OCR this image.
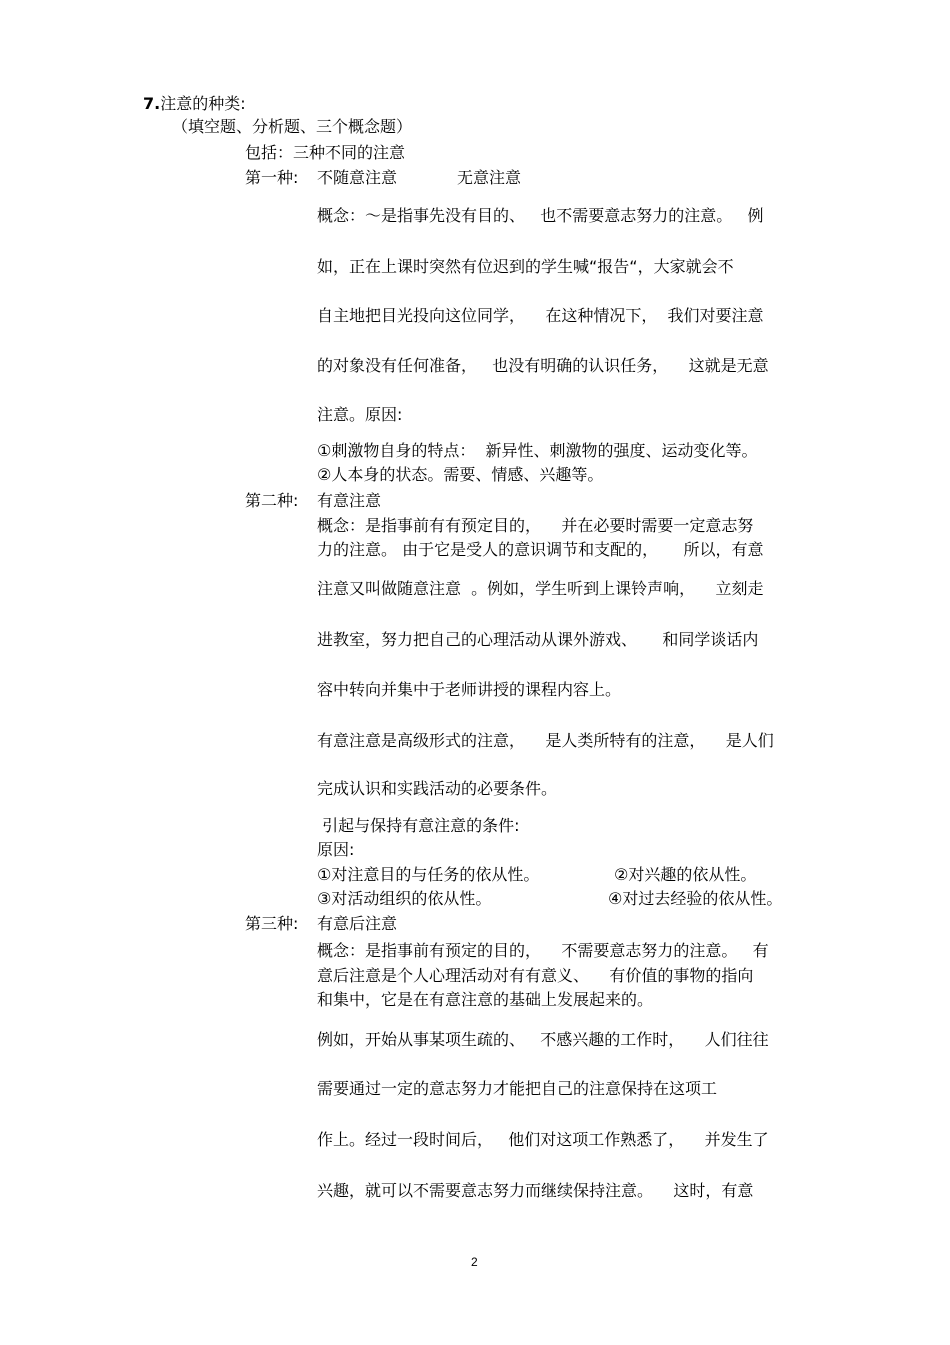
7.注意的种类:
（填空题、分析题、三个概念题）
包括：三种不同的注意
第一种: 不随意注意	无意注意
概念：～是指事先没有目的、   也不需要意志努力的注意。   例
如，正在上课时突然有位迟到的学生喊“报告“，大家就会不
自主地把目光投向这位同学，    在这种情况下，  我们对要注意
的对象没有任何准备，   也没有明确的认识任务，    这就是无意
注意。原因:
①刺激物自身的特点：  新异性、刺激物的强度、运动变化等。
②人本身的状态。需要、情感、兴趣等。
第二种: 有意注意
概念：是指事前有有预定目的，    并在必要时需要一定意志努
力的注意。 由于它是受人的意识调节和支配的，     所以，有意
注意又叫做随意注意  。例如，学生听到上课铃声响，    立刻走
进教室，努力把自己的心理活动从课外游戏、     和同学谈话内
容中转向并集中于老师讲授的课程内容上。
有意注意是高级形式的注意，    是人类所特有的注意，    是人们
完成认识和实践活动的必要条件。
引起与保持有意注意的条件:
原因:
①对注意目的与任务的依从性。	②对兴趣的依从性。
③对活动组织的依从性。	④对过去经验的依从性。
第三种: 有意后注意
概念：是指事前有预定的目的，    不需要意志努力的注意。   有
意后注意是个人心理活动对有有意义、    有价值的事物的指向
和集中，它是在有意注意的基础上发展起来的。
例如，开始从事某项生疏的、   不感兴趣的工作时，    人们往往
需要通过一定的意志努力才能把自己的注意保持在这项工
作上。经过一段时间后，   他们对这项工作熟悉了，    并发生了
兴趣，就可以不需要意志努力而继续保持注意。    这时，有意
2
